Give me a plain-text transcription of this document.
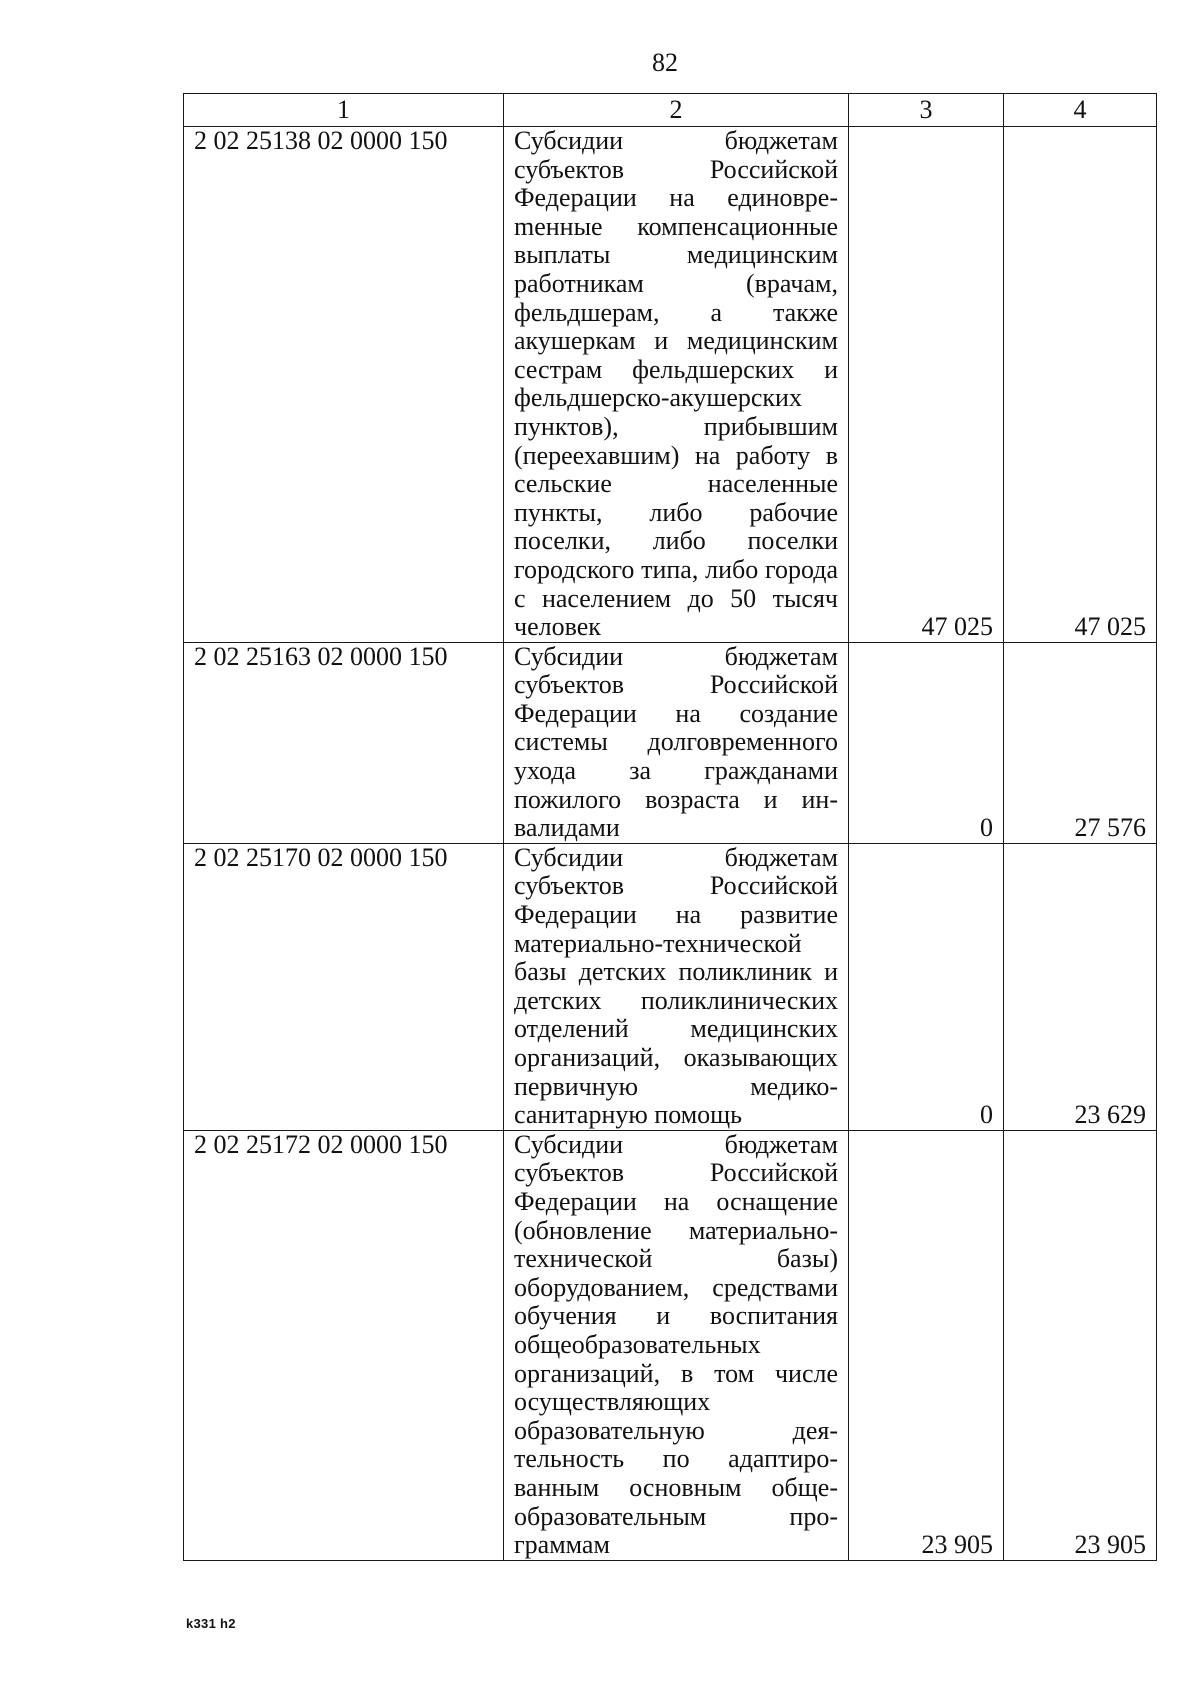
82
1	2	3	4
2 02 25138 02 0000 150	Субсидии бюджетам субъектов Российской Федерации на единовреmенные компенсационные выплаты медицинским работникам (врачам, фельдшерам, а также акушеркам и медицинским сестрам фельдшерских и фельдшерско-акушерских пунктов), прибывшим (переехавшим) на работу в сельские населенные пункты, либо рабочие поселки, либо поселки городского типа, либо города с населением до 50 тысяч человек	47 025	47 025
2 02 25163 02 0000 150	Субсидии бюджетам субъектов Российской Федерации на создание системы долговременного ухода за гражданами пожилого возраста и инвалидами	0	27 576
2 02 25170 02 0000 150	Субсидии бюджетам субъектов Российской Федерации на развитие материально-технической базы детских поликлиник и детских поликлинических отделений медицинских организаций, оказывающих первичную медико-санитарную помощь	0	23 629
2 02 25172 02 0000 150	Субсидии бюджетам субъектов Российской Федерации на оснащение (обновление материально-технической базы) оборудованием, средствами обучения и воспитания общеобразовательных организаций, в том числе осуществляющих образовательную деятельность по адаптированным основным общеобразовательным программам	23 905	23 905
k331 h2
